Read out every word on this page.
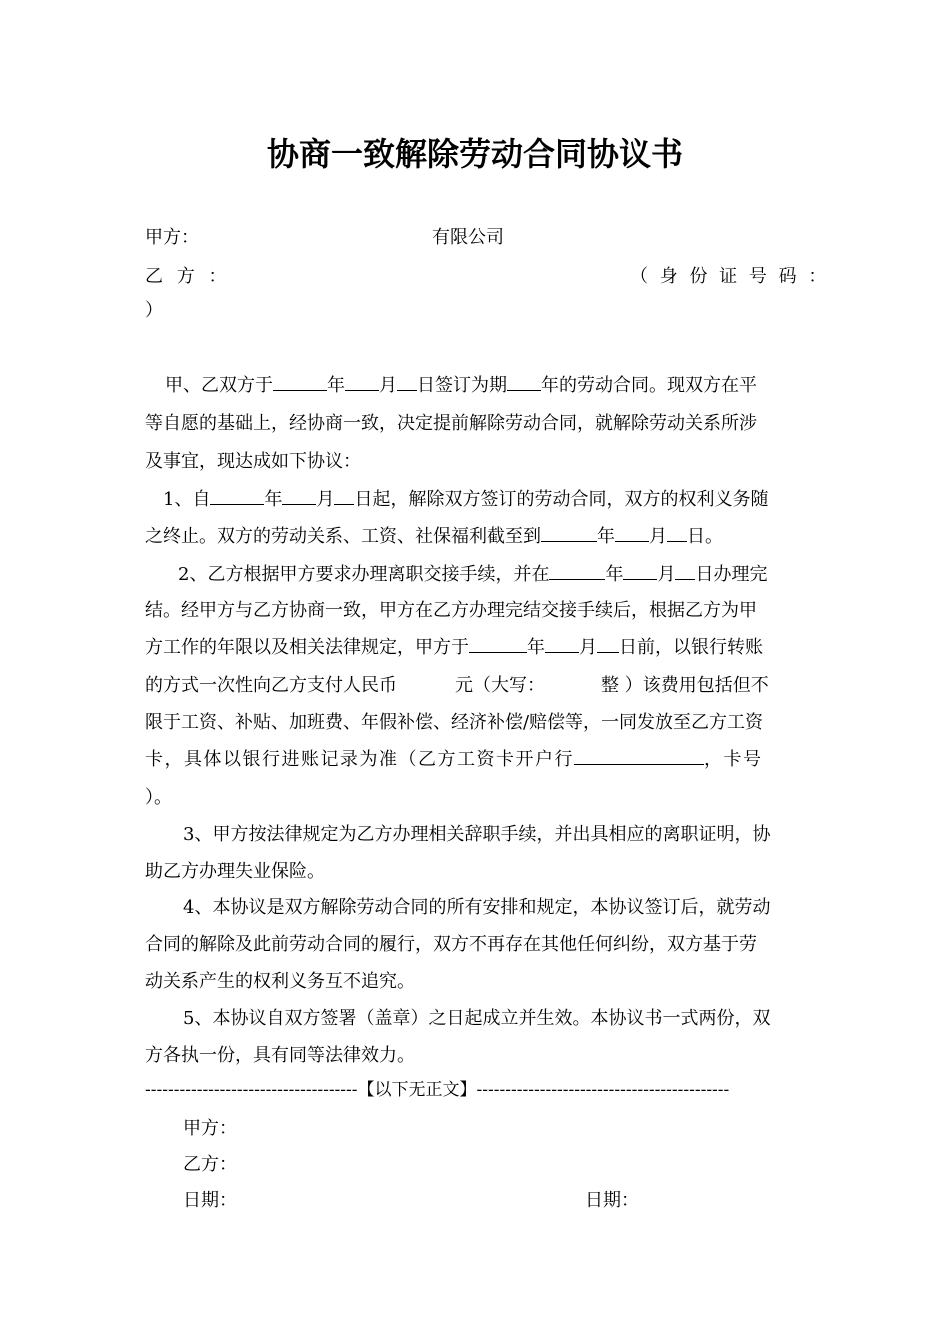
协商一致解除劳动合同协议书
甲方：	有限公司
乙 方 ：	（ 身 份 证 号 码 ：
）
甲、乙双方于	年 月 日签订为期 年的劳动合同。现双方在平
等自愿的基础上，经协商一致，决定提前解除劳动合同，就解除劳动关系所涉
及事宜，现达成如下协议：
1、自	年 月 日起，解除双方签订的劳动合同，双方的权利义务随
之终止。双方的劳动关系、工资、社保福利截至到	年 月 日。
2、乙方根据甲方要求办理离职交接手续，并在	年 月 日办理完
结。经甲方与乙方协商一致，甲方在乙方办理完结交接手续后，根据乙方为甲
方工作的年限以及相关法律规定，甲方于	年 月 日前，以银行转账
的方式一次性向乙方支付人民币	元（大写：	整 ）该费用包括但不
限于工资、补贴、加班费、年假补偿、经济补偿/赔偿等，一同发放至乙方工资
卡，具体以银行进账记录为准（乙方工资卡开户行	，卡号
）。
3、甲方按法律规定为乙方办理相关辞职手续，并出具相应的离职证明，协
助乙方办理失业保险。
4、本协议是双方解除劳动合同的所有安排和规定，本协议签订后，就劳动
合同的解除及此前劳动合同的履行，双方不再存在其他任何纠纷，双方基于劳
动关系产生的权利义务互不追究。
5、本协议自双方签署（盖章）之日起成立并生效。本协议书一式两份，双
方各执一份，具有同等法律效力。
-------------------------------------【以下无正文】--------------------------------------------
甲方：
乙方：
日期：	日期：
